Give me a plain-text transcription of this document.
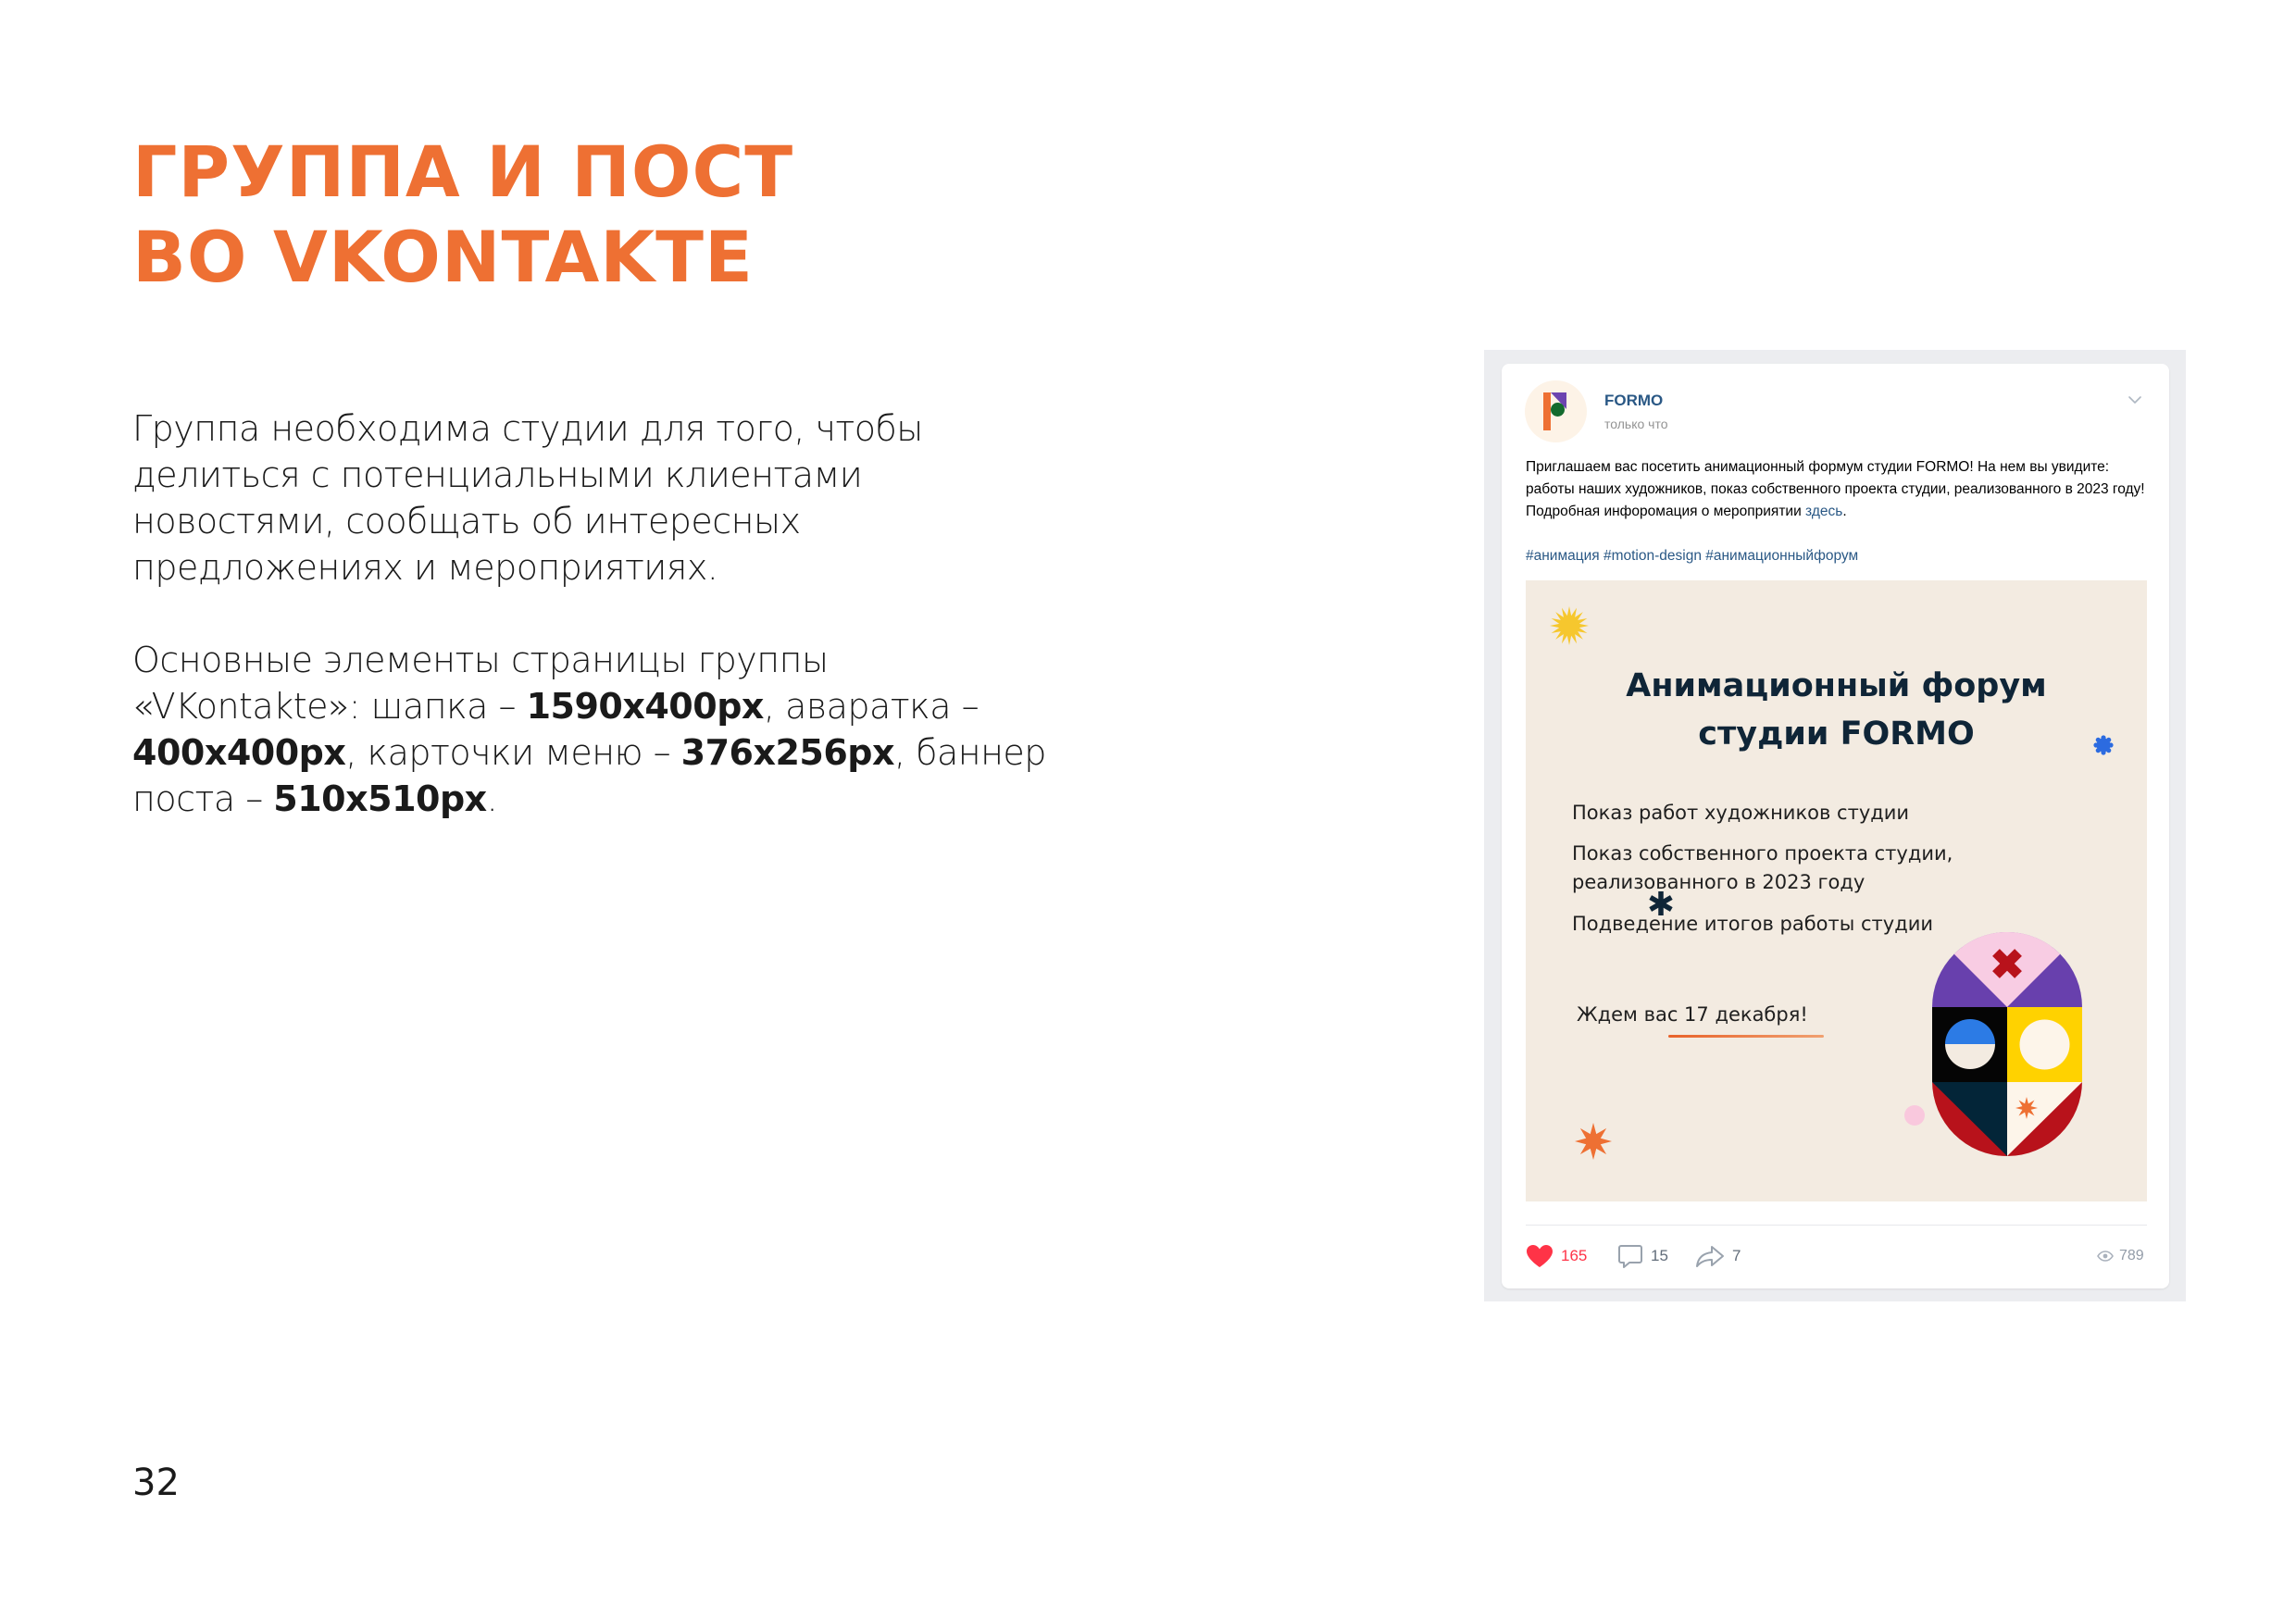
ГРУППА И ПОСТ
ВО VKONTAKTE
Группа необходима студии для того, чтобы
делиться с потенциальными клиентами
новостями, сообщать об интересных
предложениях и мероприятиях.
Основные элементы страницы группы
«VKontakte»: шапка – 1590x400px, аваратка –
400x400px, карточки меню – 376x256px, баннер
поста – 510x510px.
32
FORMO
только что
Приглашаем вас посетить анимационный формум студии FORMO! На нем вы увидите: работы наших художников, показ собственного проекта студии, реализованного в 2023 году! Подробная инфоромация о мероприятии здесь.
#анимация #motion-design #анимационныйфорум
Анимационный форум
студии FORMO
Показ работ художников студии
Показ собственного проекта студии,
реализованного в 2023 году
Подведение итогов работы студии
Ждем вас 17 декабря!
165	15	7	789
